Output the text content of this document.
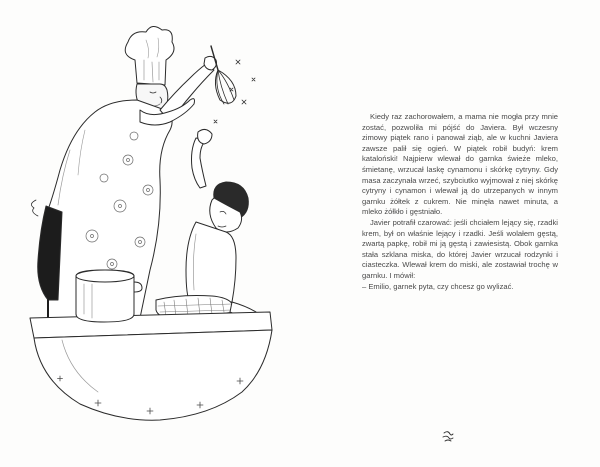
Kiedy raz zachorowałem, a mama nie mogła przy mnie zostać, pozwoliła mi pójść do Javiera. Był wczesny zimowy piątek rano i panował ziąb, ale w kuchni Javiera zawsze palił się ogień. W piątek robił budyń: krem kataloński! Najpierw wlewał do garnka świeże mleko, śmietanę, wrzucał laskę cynamonu i skórkę cytryny. Gdy masa zaczynała wrzeć, szybciutko wyjmował z niej skórkę cytryny i cynamon i wlewał ją do utrzepanych w innym garnku żółtek z cukrem. Nie minęła nawet minuta, a mleko żółkło i gęstniało.

Javier potrafił czarować: jeśli chciałem lejący się, rzadki krem, był on właśnie lejący i rzadki. Jeśli wolałem gęstą, zwartą papkę, robił mi ją gęstą i zawiesistą. Obok garnka stała szklana miska, do której Javier wrzucał rodzynki i ciasteczka. Wlewał krem do miski, ale zostawiał trochę w garnku. I mówił:

– Emilio, garnek pyta, czy chcesz go wylizać.
